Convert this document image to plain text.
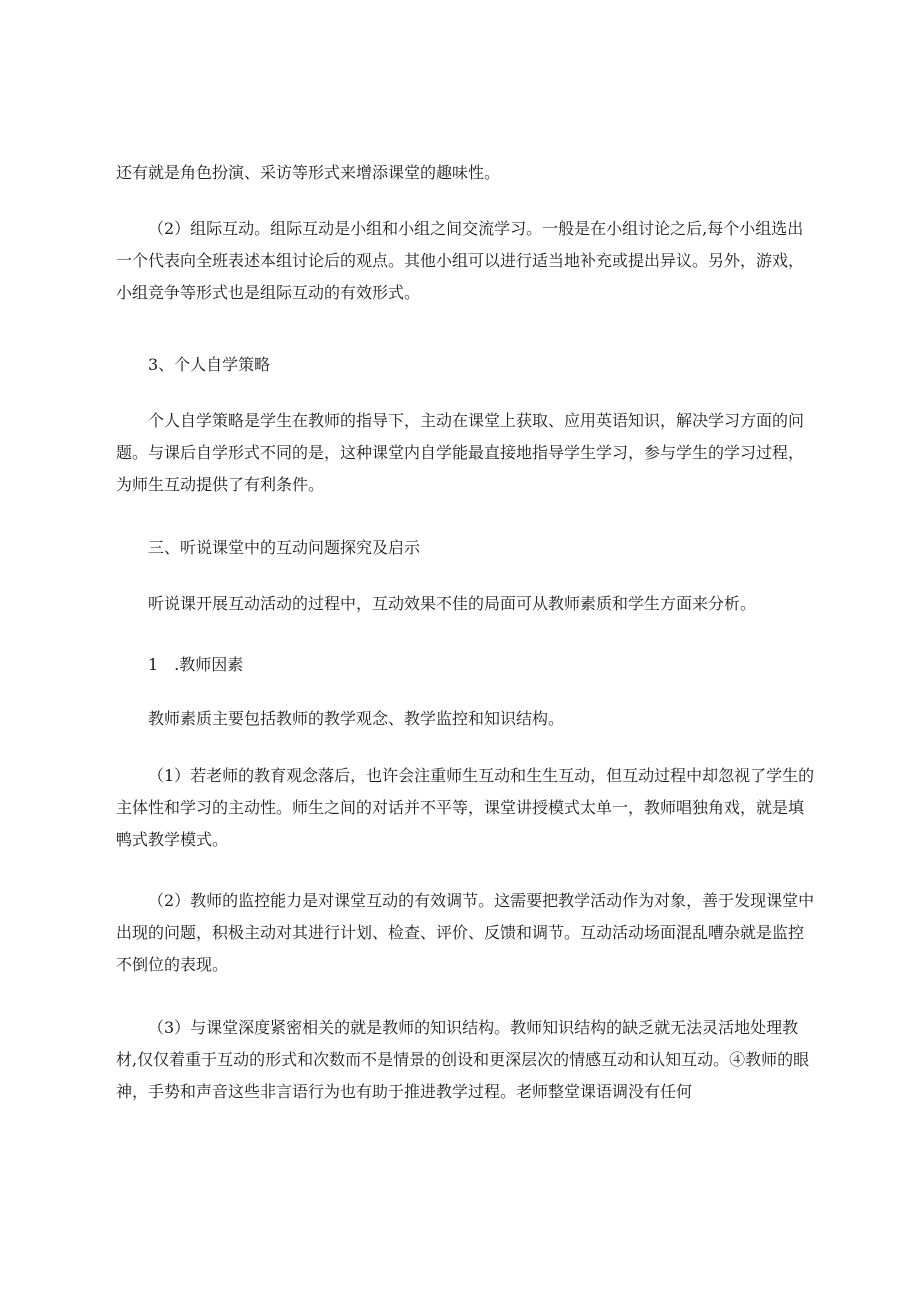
还有就是角色扮演、采访等形式来增添课堂的趣味性。

（2）组际互动。组际互动是小组和小组之间交流学习。一般是在小组讨论之后,每个小组选出一个代表向全班表述本组讨论后的观点。其他小组可以进行适当地补充或提出异议。另外，游戏，小组竞争等形式也是组际互动的有效形式。

3、个人自学策略

个人自学策略是学生在教师的指导下，主动在课堂上获取、应用英语知识，解决学习方面的问题。与课后自学形式不同的是，这种课堂内自学能最直接地指导学生学习，参与学生的学习过程，为师生互动提供了有利条件。

三、听说课堂中的互动问题探究及启示

听说课开展互动活动的过程中，互动效果不佳的局面可从教师素质和学生方面来分析。

1　.教师因素

教师素质主要包括教师的教学观念、教学监控和知识结构。

（1）若老师的教育观念落后，也许会注重师生互动和生生互动，但互动过程中却忽视了学生的主体性和学习的主动性。师生之间的对话并不平等，课堂讲授模式太单一，教师唱独角戏，就是填鸭式教学模式。

（2）教师的监控能力是对课堂互动的有效调节。这需要把教学活动作为对象，善于发现课堂中出现的问题，积极主动对其进行计划、检查、评价、反馈和调节。互动活动场面混乱嘈杂就是监控不倒位的表现。

（3）与课堂深度紧密相关的就是教师的知识结构。教师知识结构的缺乏就无法灵活地处理教材,仅仅着重于互动的形式和次数而不是情景的创设和更深层次的情感互动和认知互动。④教师的眼神，手势和声音这些非言语行为也有助于推进教学过程。老师整堂课语调没有任何
